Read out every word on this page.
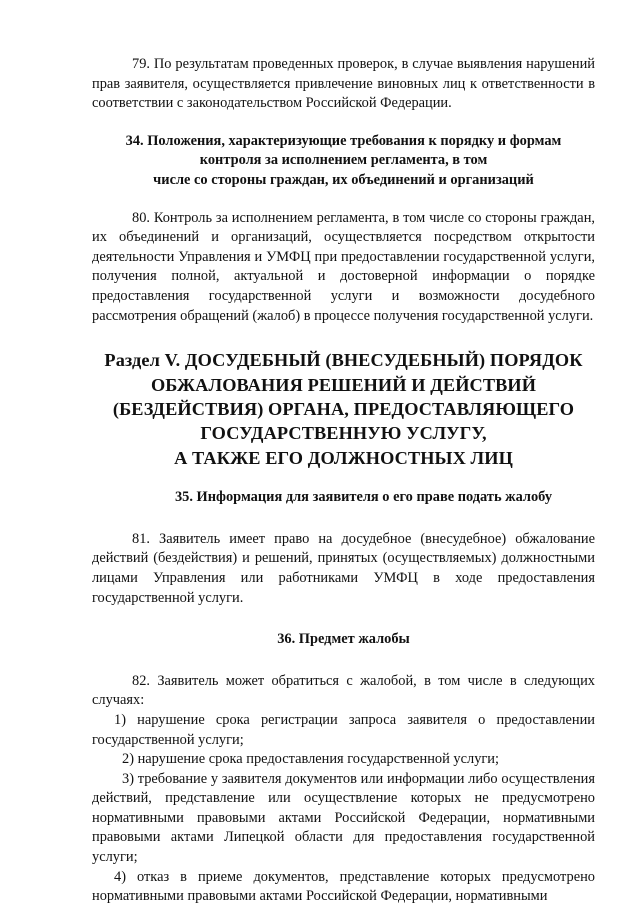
79. По результатам проведенных проверок, в случае выявления нарушений прав заявителя, осуществляется привлечение виновных лиц к ответственности в соответствии с законодательством Российской Федерации.

34. Положения, характеризующие требования к порядку и формам
контроля за исполнением регламента, в том
числе со стороны граждан, их объединений и организаций

80. Контроль за исполнением регламента, в том числе со стороны граждан, их объединений и организаций, осуществляется посредством открытости деятельности Управления и УМФЦ при предоставлении государственной услуги, получения полной, актуальной и достоверной информации о порядке предоставления государственной услуги и возможности досудебного рассмотрения обращений (жалоб) в процессе получения государственной услуги.

Раздел V. ДОСУДЕБНЫЙ (ВНЕСУДЕБНЫЙ) ПОРЯДОК
ОБЖАЛОВАНИЯ РЕШЕНИЙ И ДЕЙСТВИЙ
(БЕЗДЕЙСТВИЯ) ОРГАНА, ПРЕДОСТАВЛЯЮЩЕГО
ГОСУДАРСТВЕННУЮ УСЛУГУ,
А ТАКЖЕ ЕГО ДОЛЖНОСТНЫХ ЛИЦ
35. Информация для заявителя о его праве подать жалобу

81. Заявитель имеет право на досудебное (внесудебное) обжалование действий (бездействия) и решений, принятых (осуществляемых) должностными лицами Управления или работниками УМФЦ в ходе предоставления государственной услуги.

36. Предмет жалобы

82. Заявитель может обратиться с жалобой, в том числе в следующих случаях:

1) нарушение срока регистрации запроса заявителя о предоставлении государственной услуги;

2) нарушение срока предоставления государственной услуги;

3) требование у заявителя документов или информации либо осуществления действий, представление или осуществление которых не предусмотрено нормативными правовыми актами Российской Федерации, нормативными правовыми актами Липецкой области для предоставления государственной услуги;

4) отказ в приеме документов, представление которых предусмотрено нормативными правовыми актами Российской Федерации, нормативными
